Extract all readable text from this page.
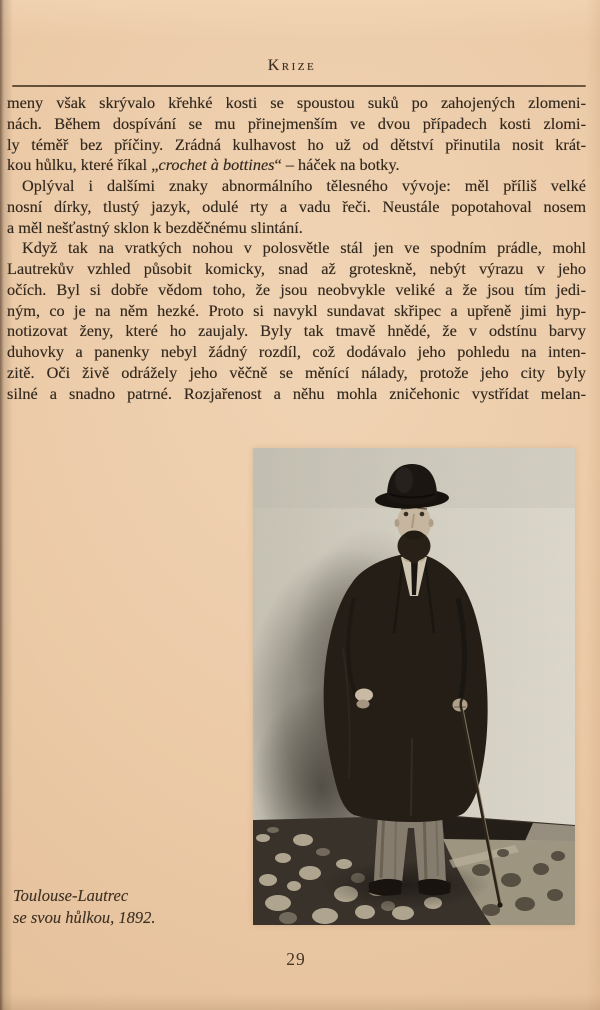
Krize
meny však skrývalo křehké kosti se spoustou suků po zahojených zlomeni-
nách. Během dospívání se mu přinejmenším ve dvou případech kosti zlomi-
ly téměř bez příčiny. Zrádná kulhavost ho už od dětství přinutila nosit krát-
kou hůlku, které říkal „crochet à bottines“ – háček na botky.
Oplýval i dalšími znaky abnormálního tělesného vývoje: měl příliš velké
nosní dírky, tlustý jazyk, odulé rty a vadu řeči. Neustále popotahoval nosem
a měl nešťastný sklon k bezděčnému slintání.
Když tak na vratkých nohou v polosvětle stál jen ve spodním prádle, mohl
Lautrekův vzhled působit komicky, snad až groteskně, nebýt výrazu v jeho
očích. Byl si dobře vědom toho, že jsou neobvykle veliké a že jsou tím jedi-
ným, co je na něm hezké. Proto si navykl sundavat skřipec a upřeně jimi hyp-
notizovat ženy, které ho zaujaly. Byly tak tmavě hnědé, že v odstínu barvy
duhovky a panenky nebyl žádný rozdíl, což dodávalo jeho pohledu na inten-
zitě. Oči živě odrážely jeho věčně se měnící nálady, protože jeho city byly
silné a snadno patrné. Rozjařenost a něhu mohla zničehonic vystřídat melan-
Toulouse-Lautrec
se svou hůlkou, 1892.
29
